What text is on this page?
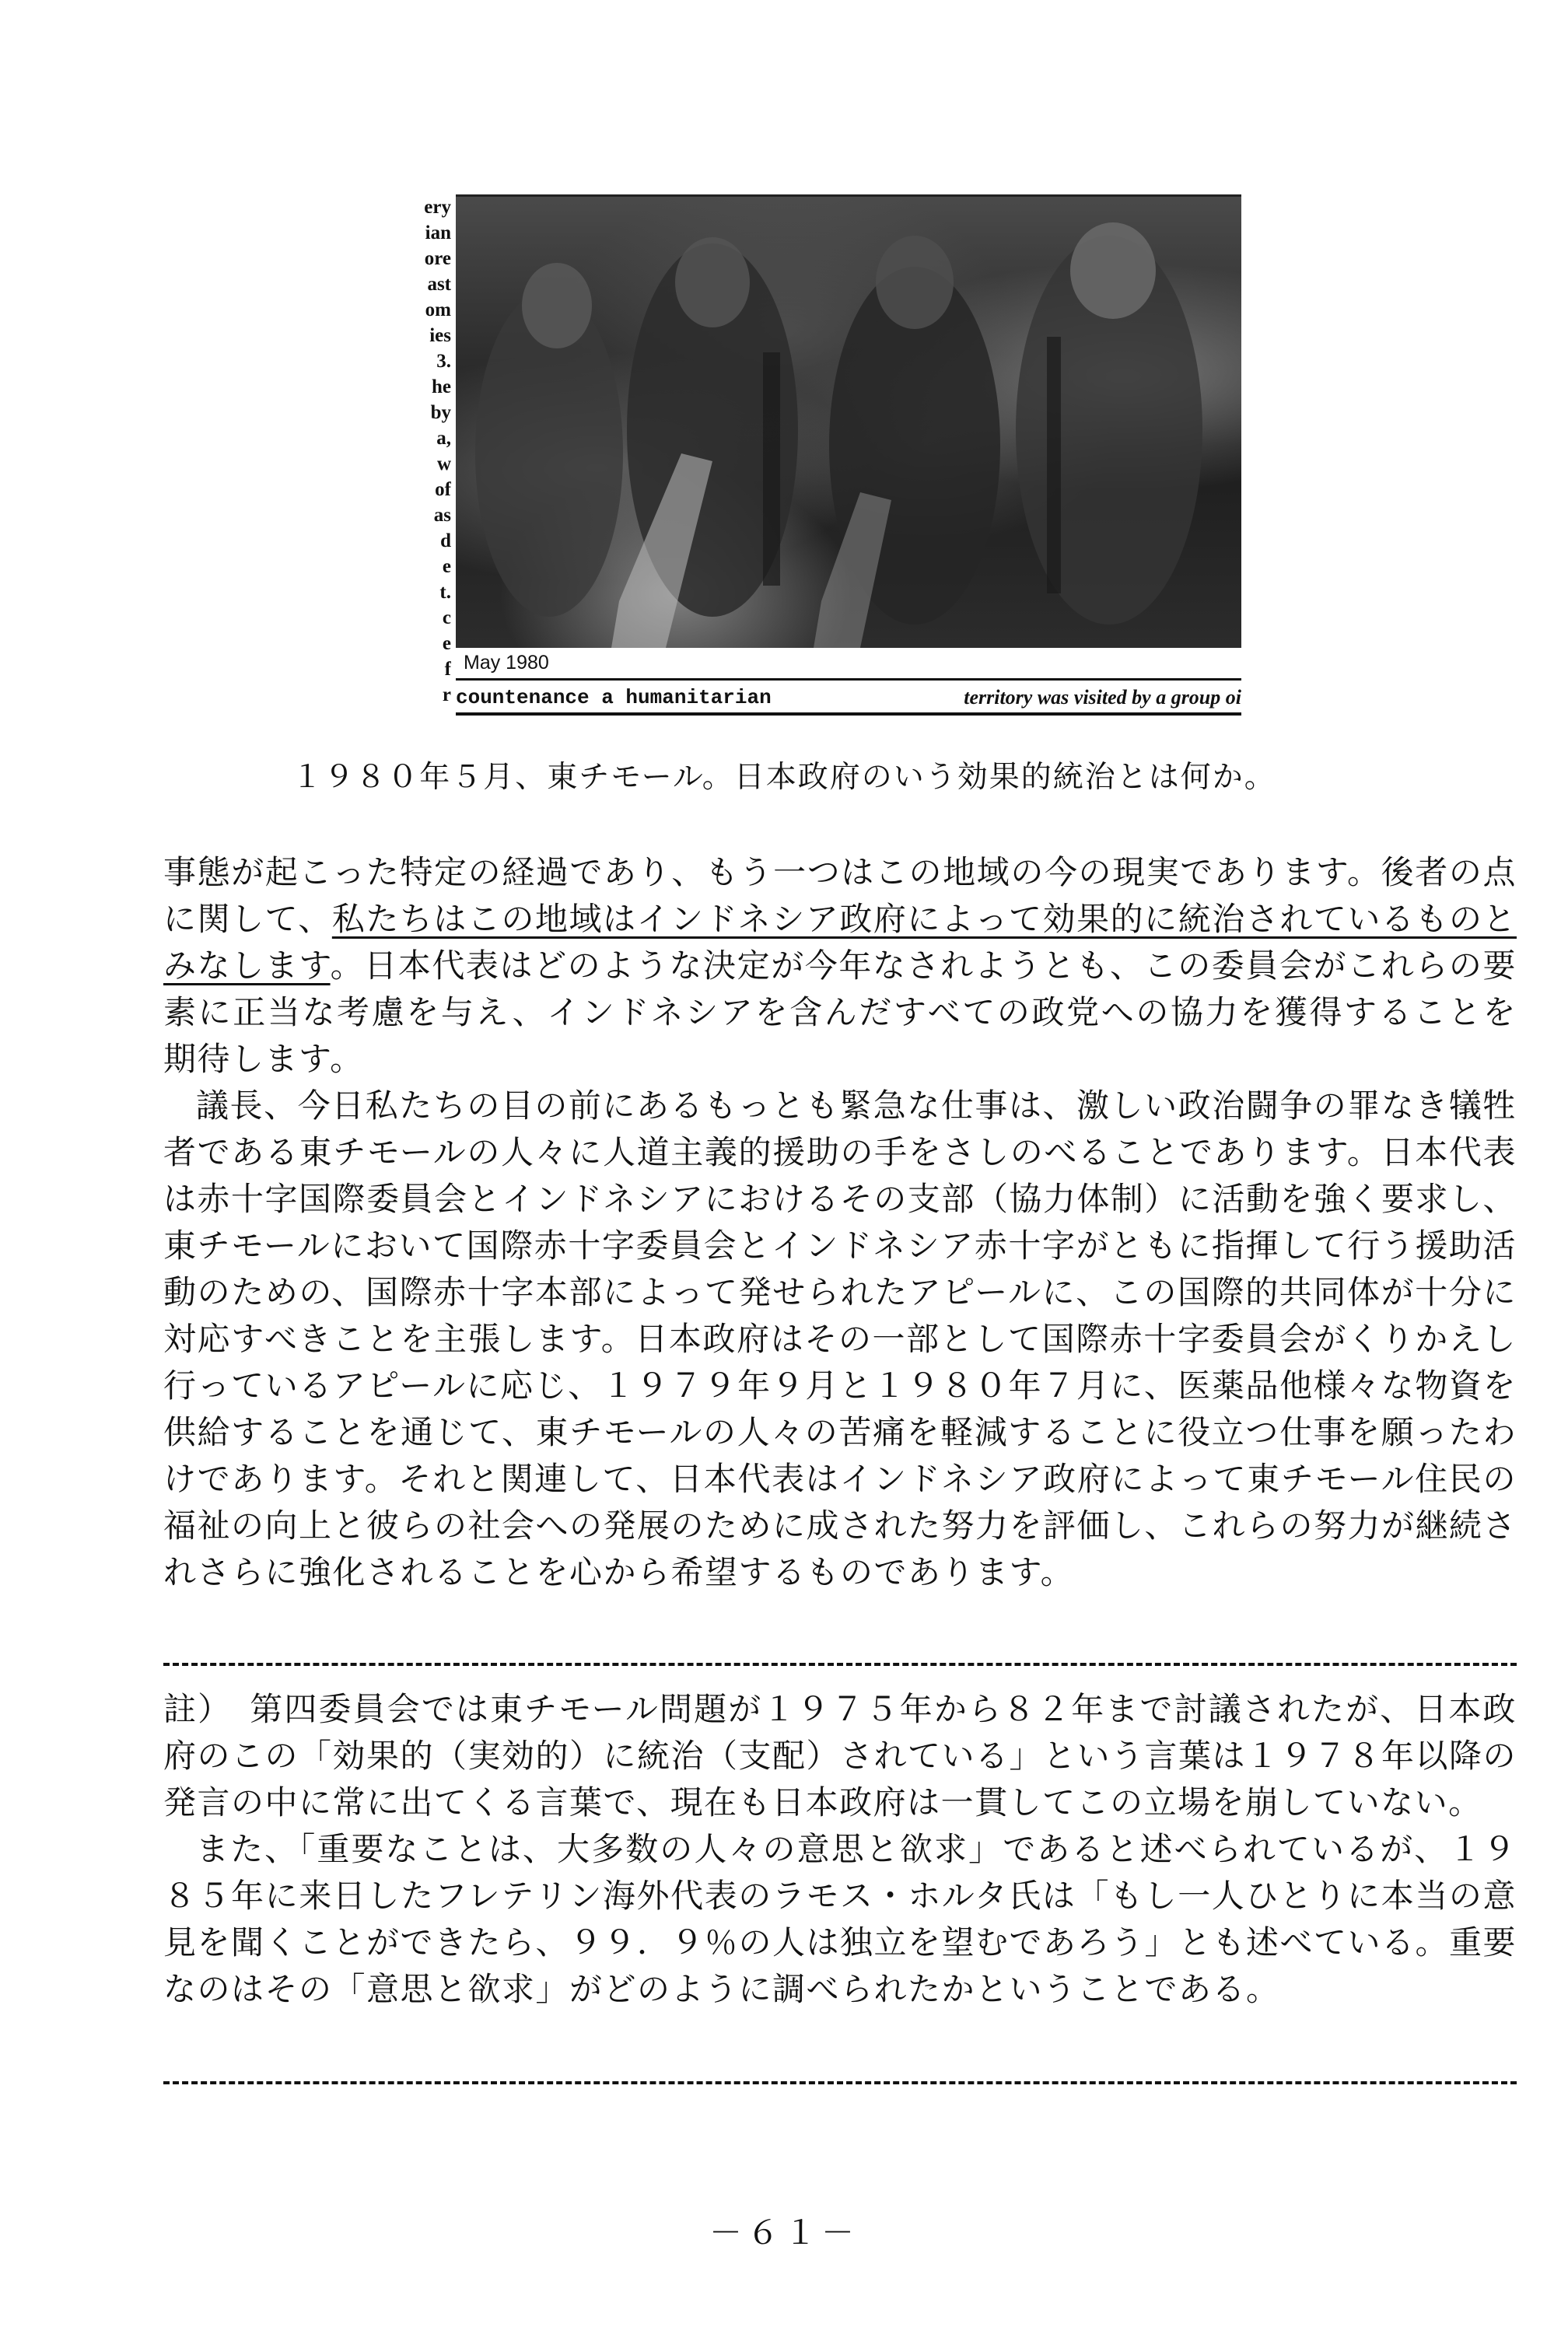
ery
ian
ore
ast
om
ies
3.
he
by
a,
w
of
as
d
e
t.
c
e
f
r
May 1980
countenance a humanitarian	territory was visited by a group oi
１９８０年５月、東チモール。日本政府のいう効果的統治とは何か。

事態が起こった特定の経過であり、もう一つはこの地域の今の現実であります。後者の点に関して、私たちはこの地域はインドネシア政府によって効果的に統治されているものとみなします。日本代表はどのような決定が今年なされようとも、この委員会がこれらの要素に正当な考慮を与え、インドネシアを含んだすべての政党への協力を獲得することを期待します。

議長、今日私たちの目の前にあるもっとも緊急な仕事は、激しい政治闘争の罪なき犠牲者である東チモールの人々に人道主義的援助の手をさしのべることであります。日本代表は赤十字国際委員会とインドネシアにおけるその支部（協力体制）に活動を強く要求し、東チモールにおいて国際赤十字委員会とインドネシア赤十字がともに指揮して行う援助活動のための、国際赤十字本部によって発せられたアピールに、この国際的共同体が十分に対応すべきことを主張します。日本政府はその一部として国際赤十字委員会がくりかえし行っているアピールに応じ、１９７９年９月と１９８０年７月に、医薬品他様々な物資を供給することを通じて、東チモールの人々の苦痛を軽減することに役立つ仕事を願ったわけであります。それと関連して、日本代表はインドネシア政府によって東チモール住民の福祉の向上と彼らの社会への発展のために成された努力を評価し、これらの努力が継続されさらに強化されることを心から希望するものであります。

註）　第四委員会では東チモール問題が１９７５年から８２年まで討議されたが、日本政府のこの「効果的（実効的）に統治（支配）されている」という言葉は１９７８年以降の発言の中に常に出てくる言葉で、現在も日本政府は一貫してこの立場を崩していない。

また、「重要なことは、大多数の人々の意思と欲求」であると述べられているが、１９８５年に来日したフレテリン海外代表のラモス・ホルタ氏は「もし一人ひとりに本当の意見を聞くことができたら、９９．９％の人は独立を望むであろう」とも述べている。重要なのはその「意思と欲求」がどのように調べられたかということである。

－６１－
